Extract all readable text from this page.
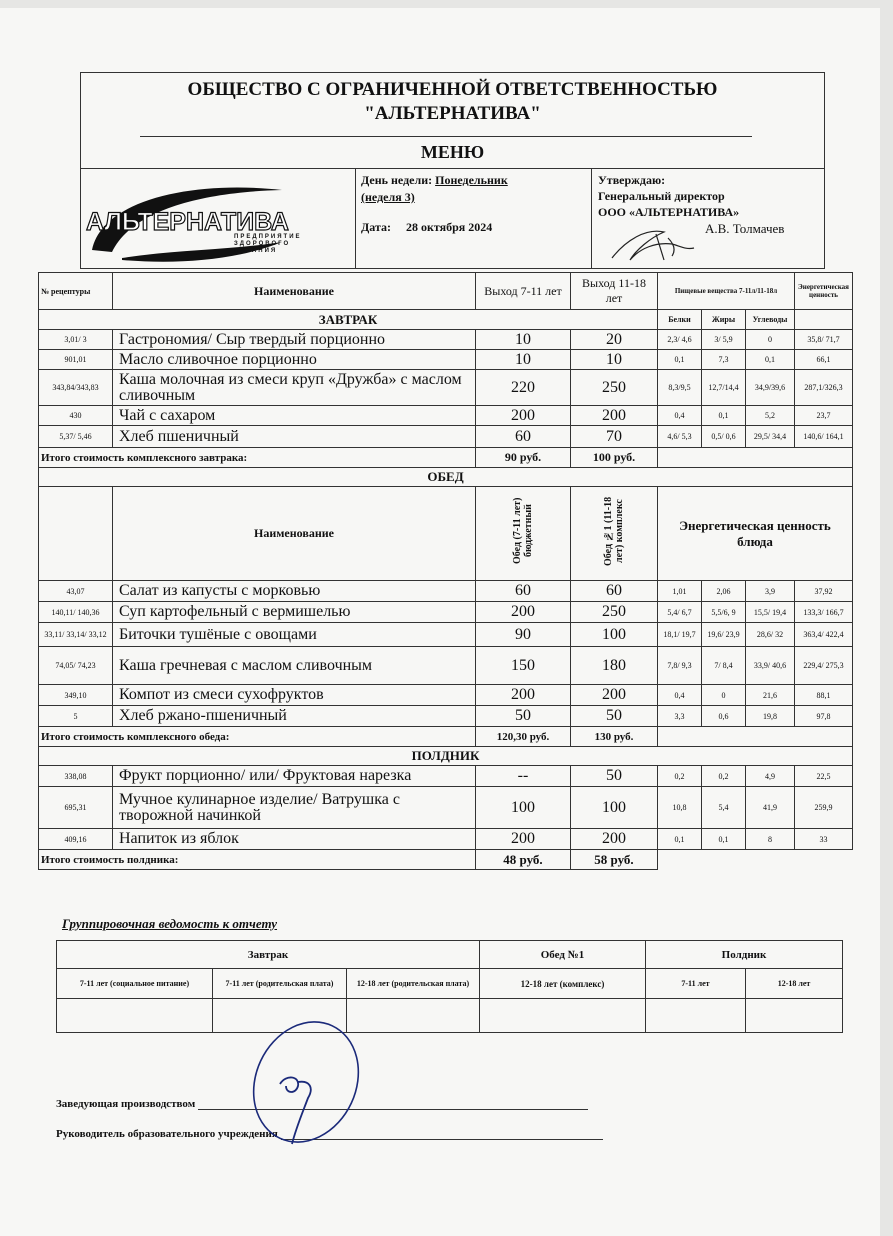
ОБЩЕСТВО С ОГРАНИЧЕННОЙ ОТВЕТСТВЕННОСТЬЮ
"АЛЬТЕРНАТИВА"
МЕНЮ
АЛЬТЕРНАТИВА
ПРЕДПРИЯТИЕ
ЗДОРОВОГО
ПИТАНИЯ
День недели: Понедельник
(неделя 3)
Дата: 28 октября 2024
Утверждаю:
Генеральный директор
ООО «АЛЬТЕРНАТИВА»
А.В. Толмачев
№ рецептуры	Наименование	Выход 7-11 лет	Выход 11-18 лет	Пищевые вещества 7-11л/11-18л			Энергетическая ценность
ЗАВТРАК				Белки	Жиры	Углеводы	
3,01/ 3	Гастрономия/ Сыр твердый порционно	10	20	2,3/ 4,6	3/ 5,9	0	35,8/ 71,7
901,01	Масло сливочное порционно	10	10	0,1	7,3	0,1	66,1
343,84/343,83	Каша молочная из смеси круп «Дружба» с маслом сливочным	220	250	8,3/9,5	12,7/14,4	34,9/39,6	287,1/326,3
430	Чай с сахаром	200	200	0,4	0,1	5,2	23,7
5,37/ 5,46	Хлеб пшеничный	60	70	4,6/ 5,3	0,5/ 0,6	29,5/ 34,4	140,6/ 164,1
Итого стоимость комплексного завтрака:		90 руб.	100 руб.				
ОБЕД							
	Наименование	Обед (7-11 лет) бюджетный	Обед №1 (11-18 лет) комплекс	Энергетическая ценность блюда			
43,07	Салат из капусты с морковью	60	60	1,01	2,06	3,9	37,92
140,11/ 140,36	Суп картофельный с вермишелью	200	250	5,4/ 6,7	5,5/6, 9	15,5/ 19,4	133,3/ 166,7
33,11/ 33,14/ 33,12	Биточки тушёные с овощами	90	100	18,1/ 19,7	19,6/ 23,9	28,6/ 32	363,4/ 422,4
74,05/ 74,23	Каша гречневая с маслом сливочным	150	180	7,8/ 9,3	7/ 8,4	33,9/ 40,6	229,4/ 275,3
349,10	Компот из смеси сухофруктов	200	200	0,4	0	21,6	88,1
5	Хлеб ржано-пшеничный	50	50	3,3	0,6	19,8	97,8
Итого стоимость комплексного обеда:		120,30 руб.	130 руб.				
ПОЛДНИК							
338,08	Фрукт порционно/ или/ Фруктовая нарезка	--	50	0,2	0,2	4,9	22,5
695,31	Мучное кулинарное изделие/ Ватрушка с творожной начинкой	100	100	10,8	5,4	41,9	259,9
409,16	Напиток из яблок	200	200	0,1	0,1	8	33
Итого стоимость полдника:		48 руб.	58 руб.				
Группировочная ведомость к отчету
Завтрак			Обед №1	Полдник	
7-11 лет (социальное питание)	7-11 лет (родительская плата)	12-18 лет (родительская плата)	12-18 лет (комплекс)	7-11 лет	12-18 лет

Заведующая производством
Руководитель образовательного учреждения
